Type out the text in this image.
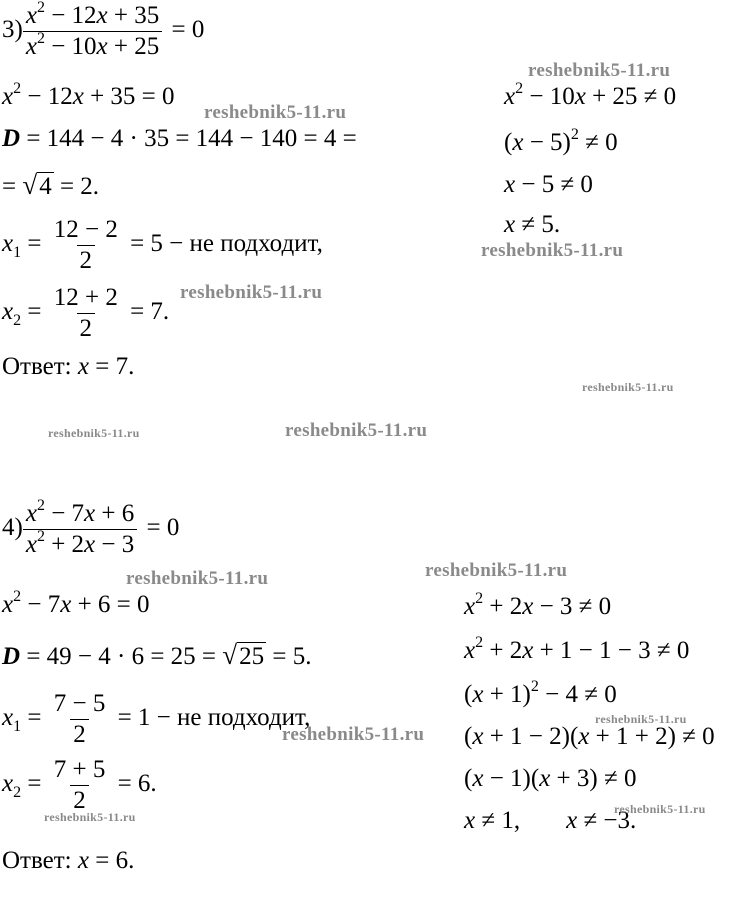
$3) \frac{x^2 - 12x + 35}{x^2 - 10x + 25} = 0$
$x^2 - 12x + 35 = 0$
D = 144 − 4 · 35 = 144 − 140 = 4 =
= √4 = 2.
$x_1 = \frac{12 - 2}{2} = 5$ − не подходит,
$x_2 = \frac{12 + 2}{2} = 7$.
Ответ: x = 7.
$x^2 - 10x + 25 \ne 0$
$(x - 5)^2 \ne 0$
x − 5 ≠ 0
x ≠ 5.
$4) \frac{x^2 - 7x + 6}{x^2 + 2x - 3} = 0$
$x^2 - 7x + 6 = 0$
D = 49 − 4 · 6 = 25 = √25 = 5.
$x_1 = \frac{7 - 5}{2} = 1$ − не подходит,
$x_2 = \frac{7 + 5}{2} = 6$.
Ответ: x = 6.
$x^2 + 2x - 3 \ne 0$
$x^2 + 2x + 1 - 1 - 3 \ne 0$
$(x + 1)^2 - 4 \ne 0$
(x + 1 − 2)(x + 1 + 2) ≠ 0
(x − 1)(x + 3) ≠ 0
x ≠ 1, x ≠ −3.
reshebnik5-11.ru
reshebnik5-11.ru
reshebnik5-11.ru
reshebnik5-11.ru
reshebnik5-11.ru
reshebnik5-11.ru	reshebnik5-11.ru
reshebnik5-11.ru
reshebnik5-11.ru
reshebnik5-11.ru
reshebnik5-11.ru
reshebnik5-11.ru
reshebnik5-11.ru
